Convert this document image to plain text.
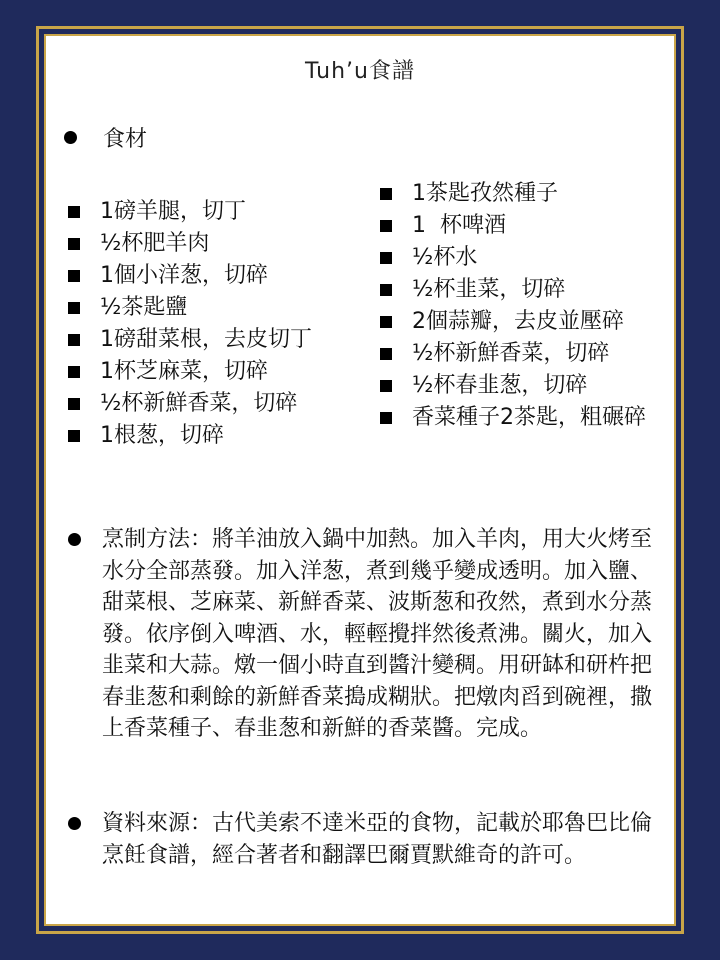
Tuh’u食譜
食材
1磅羊腿，切丁
½杯肥羊肉
1個小洋葱，切碎
½茶匙鹽
1磅甜菜根，去皮切丁
1杯芝麻菜，切碎
½杯新鮮香菜，切碎
1根葱，切碎
1茶匙孜然種子
1  杯啤酒
½杯水
½杯韭菜，切碎
2個蒜瓣，去皮並壓碎
½杯新鮮香菜，切碎
½杯春韭葱，切碎
香菜種子2茶匙，粗碾碎
烹制方法：將羊油放入鍋中加熱。加入羊肉，用大火烤至水分全部蒸發。加入洋葱，煮到幾乎變成透明。加入鹽、甜菜根、芝麻菜、新鮮香菜、波斯葱和孜然，煮到水分蒸發。依序倒入啤酒、水，輕輕攪拌然後煮沸。關火，加入韭菜和大蒜。燉一個小時直到醬汁變稠。用研缽和研杵把春韭葱和剩餘的新鮮香菜搗成糊狀。把燉肉舀到碗裡，撒上香菜種子、春韭葱和新鮮的香菜醬。完成。
資料來源：古代美索不達米亞的食物，記載於耶魯巴比倫烹飪食譜，經合著者和翻譯巴爾賈默維奇的許可。
